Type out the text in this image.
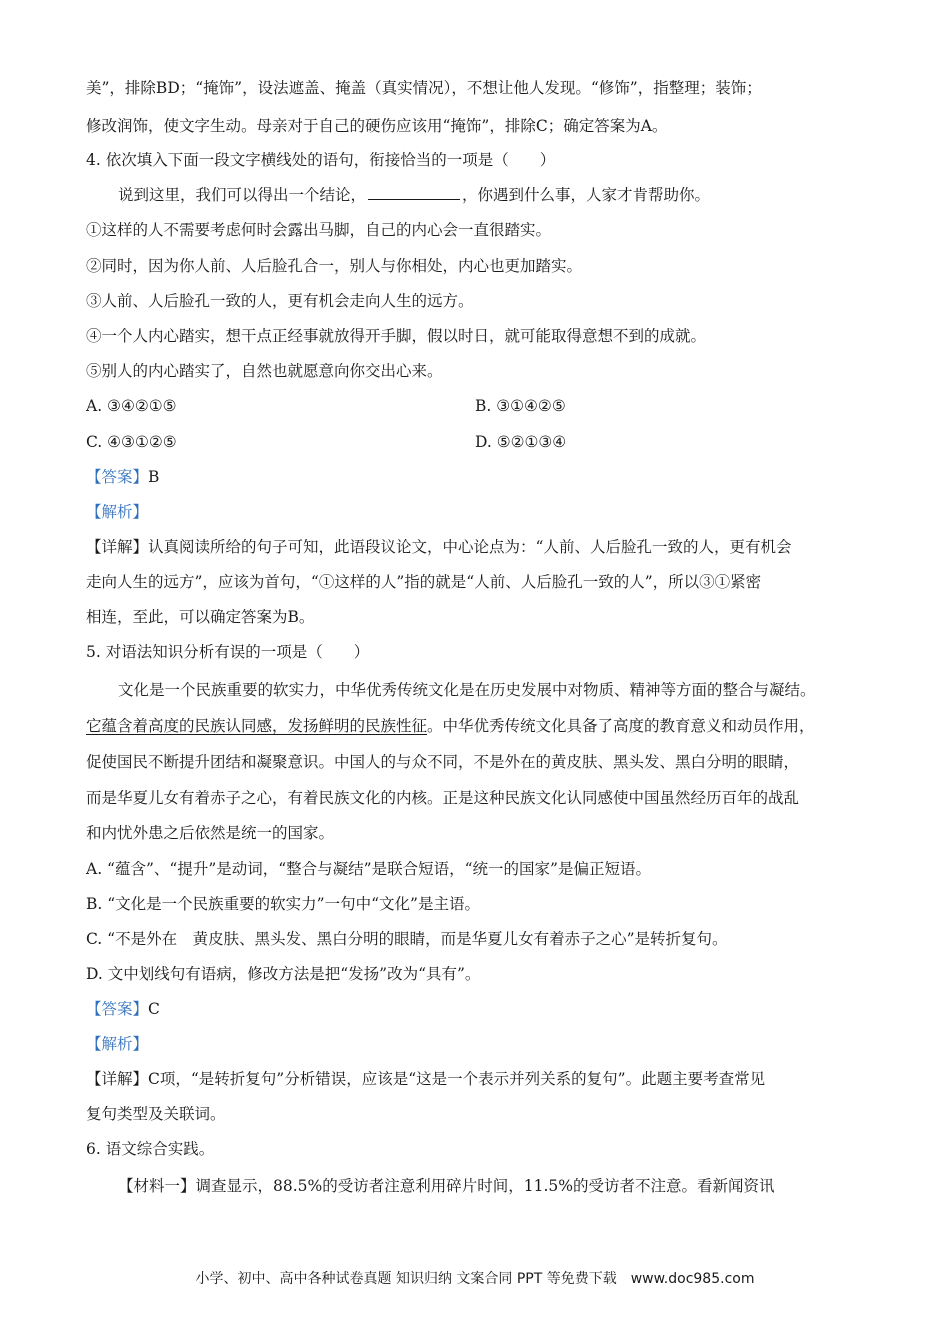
美”，排除BD；“掩饰”，设法遮盖、掩盖（真实情况），不想让他人发现。“修饰”，指整理；装饰；
修改润饰，使文字生动。母亲对于自己的硬伤应该用“掩饰”，排除C；确定答案为A。
4. 依次填入下面一段文字横线处的语句，衔接恰当的一项是（　　）
说到这里，我们可以得出一个结论，	，你遇到什么事，人家才肯帮助你。
①这样的人不需要考虑何时会露出马脚，自己的内心会一直很踏实。
②同时，因为你人前、人后脸孔合一，别人与你相处，内心也更加踏实。
③人前、人后脸孔一致的人，更有机会走向人生的远方。
④一个人内心踏实，想干点正经事就放得开手脚，假以时日，就可能取得意想不到的成就。
⑤别人的内心踏实了，自然也就愿意向你交出心来。
A. ③④②①⑤	B. ③①④②⑤
C. ④③①②⑤	D. ⑤②①③④
【答案】B
【解析】
【详解】认真阅读所给的句子可知，此语段议论文，中心论点为：“人前、人后脸孔一致的人，更有机会
走向人生的远方”，应该为首句，“①这样的人”指的就是“人前、人后脸孔一致的人”，所以③①紧密
相连，至此，可以确定答案为B。
5. 对语法知识分析有误的一项是（　　）
文化是一个民族重要的软实力，中华优秀传统文化是在历史发展中对物质、精神等方面的整合与凝结。
它蕴含着高度的民族认同感，发扬鲜明的民族性征。中华优秀传统文化具备了高度的教育意义和动员作用，
促使国民不断提升团结和凝聚意识。中国人的与众不同，不是外在的黄皮肤、黑头发、黑白分明的眼睛，
而是华夏儿女有着赤子之心，有着民族文化的内核。正是这种民族文化认同感使中国虽然经历百年的战乱
和内忧外患之后依然是统一的国家。
A. “蕴含”、“提升”是动词，“整合与凝结”是联合短语，“统一的国家”是偏正短语。
B. “文化是一个民族重要的软实力”一句中“文化”是主语。
C. “不是外在　黄皮肤、黑头发、黑白分明的眼睛，而是华夏儿女有着赤子之心”是转折复句。
D. 文中划线句有语病，修改方法是把“发扬”改为“具有”。
【答案】C
【解析】
【详解】C项，“是转折复句”分析错误，应该是“这是一个表示并列关系的复句”。此题主要考查常见
复句类型及关联词。
6. 语文综合实践。
【材料一】调查显示，88.5%的受访者注意利用碎片时间，11.5%的受访者不注意。看新闻资讯
小学、初中、高中各种试卷真题 知识归纳 文案合同 PPT 等免费下载　www.doc985.com
